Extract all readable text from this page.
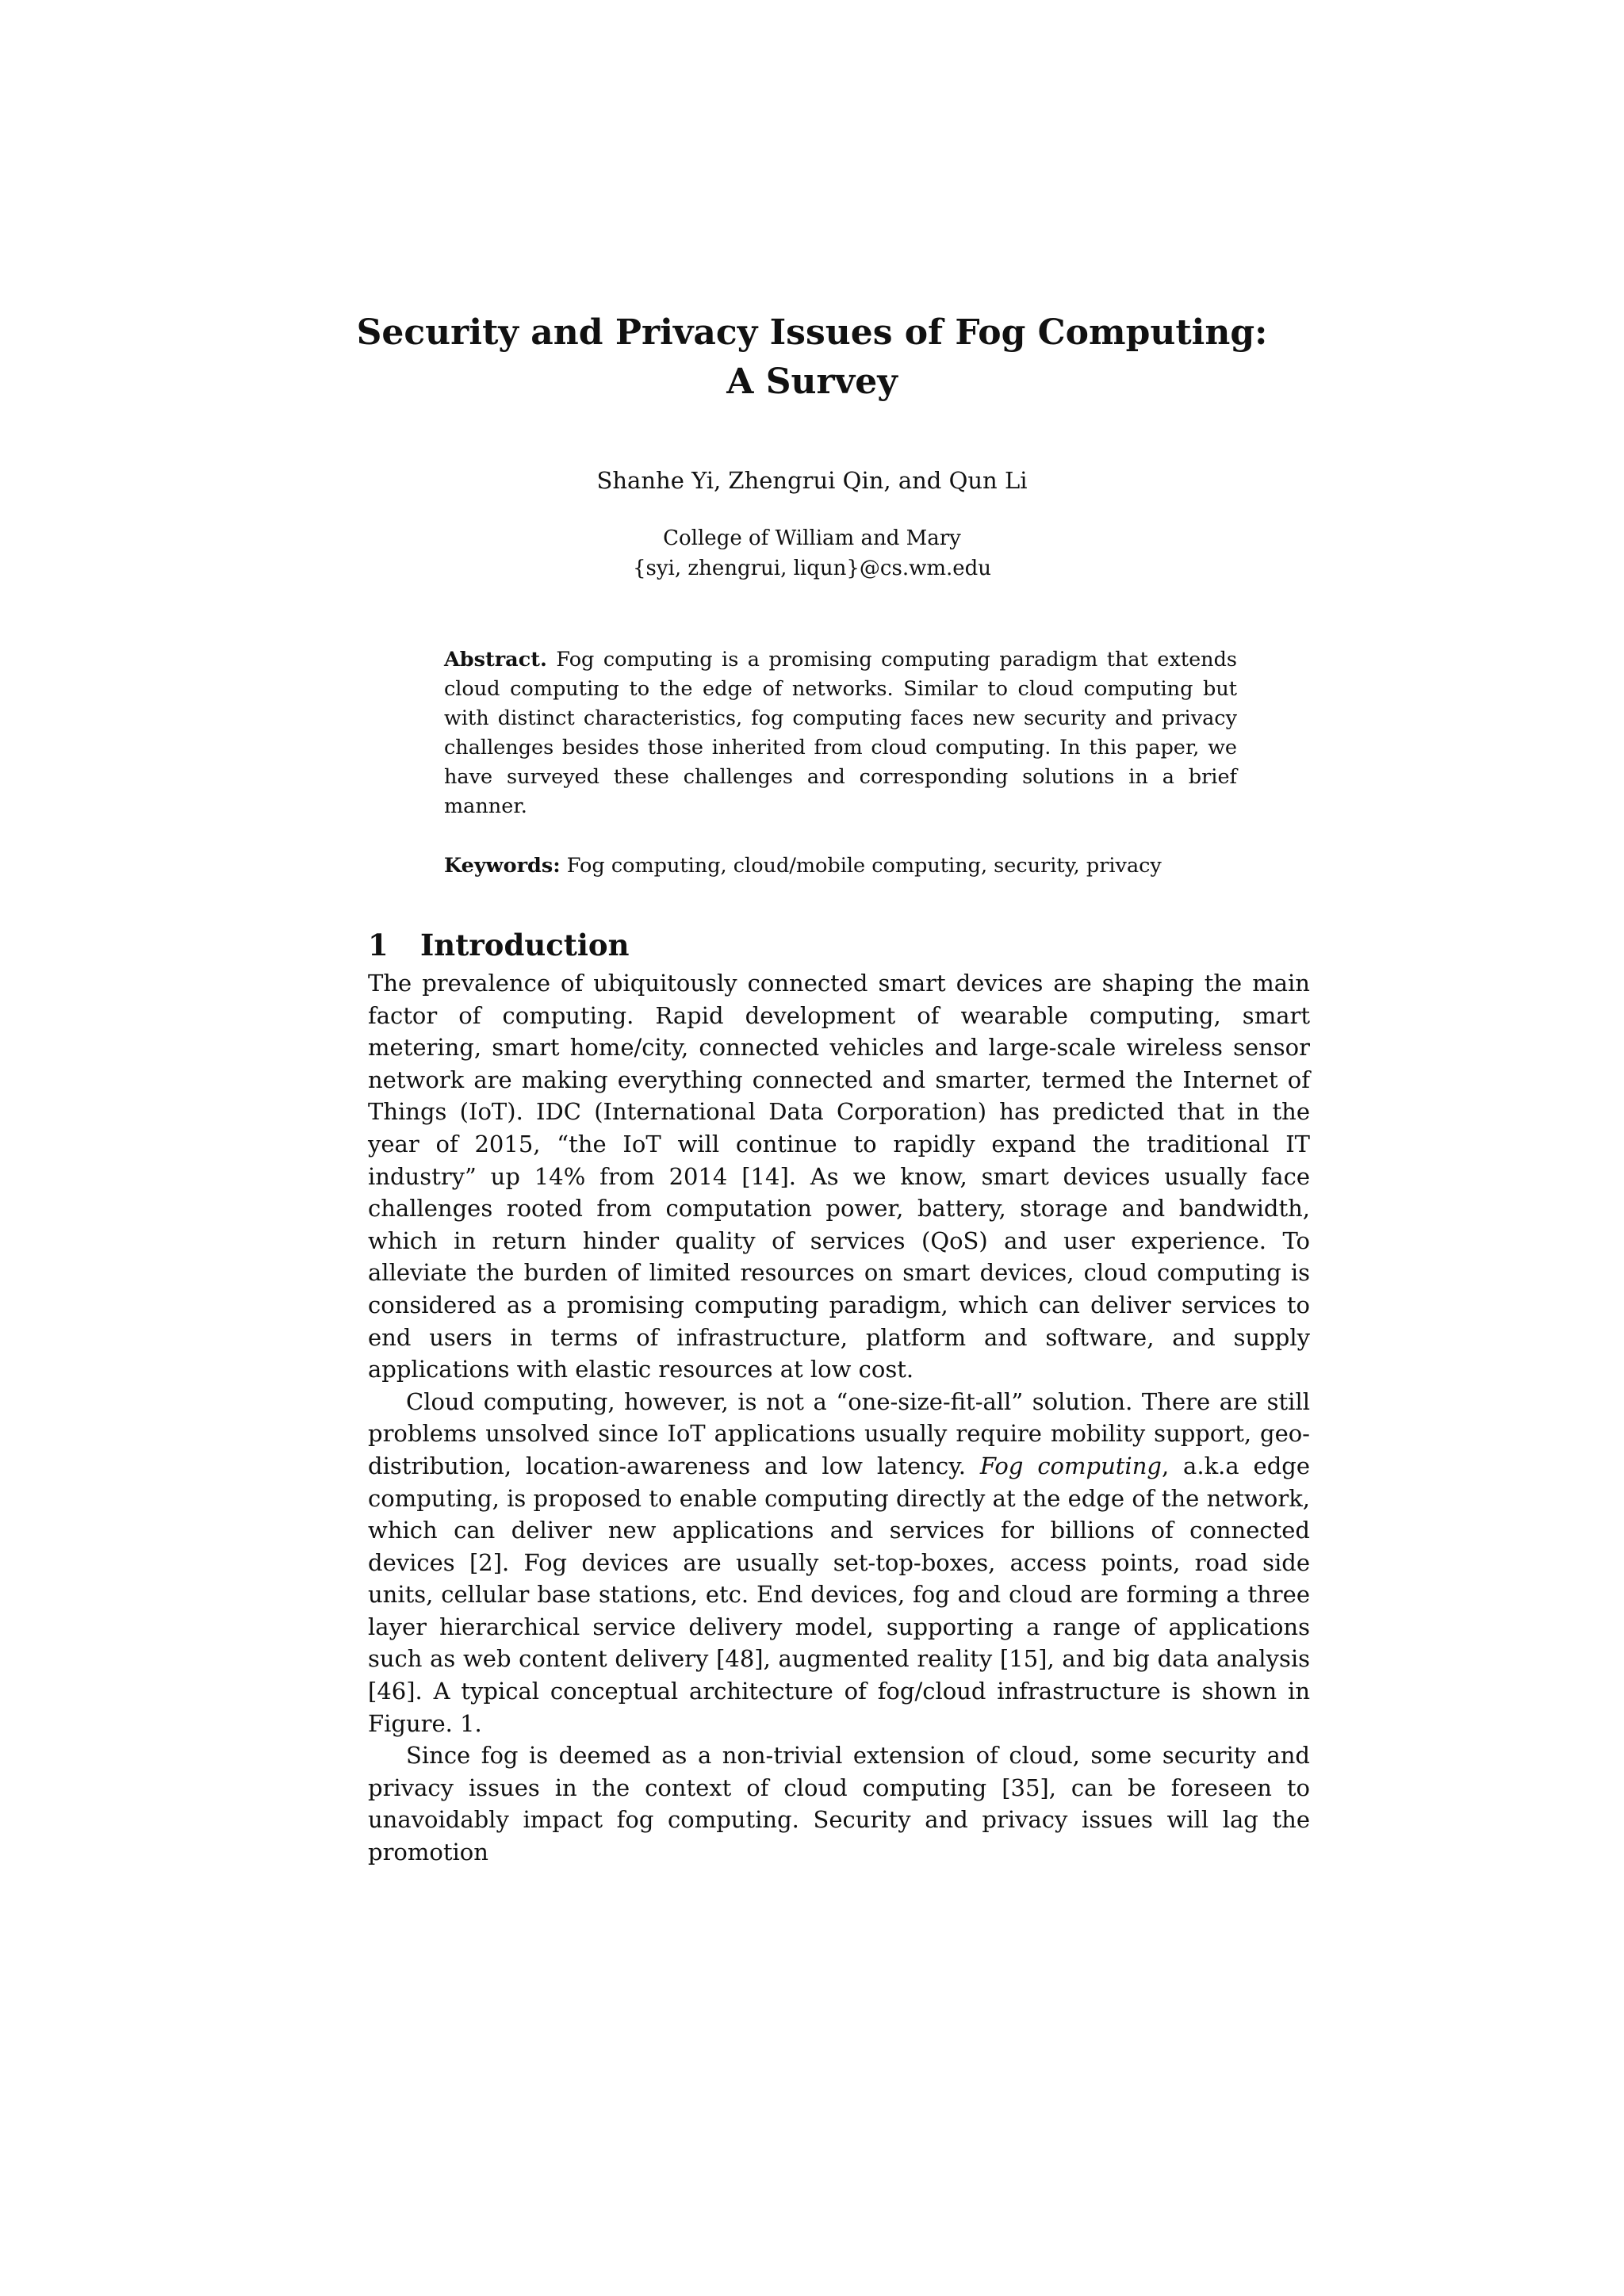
Security and Privacy Issues of Fog Computing:
A Survey
Shanhe Yi, Zhengrui Qin, and Qun Li
College of William and Mary
{syi, zhengrui, liqun}@cs.wm.edu

Abstract. Fog computing is a promising computing paradigm that extends cloud computing to the edge of networks. Similar to cloud computing but with distinct characteristics, fog computing faces new security and privacy challenges besides those inherited from cloud computing. In this paper, we have surveyed these challenges and corresponding solutions in a brief manner.

Keywords: Fog computing, cloud/mobile computing, security, privacy
1 Introduction

The prevalence of ubiquitously connected smart devices are shaping the main factor of computing. Rapid development of wearable computing, smart metering, smart home/city, connected vehicles and large-scale wireless sensor network are making everything connected and smarter, termed the Internet of Things (IoT). IDC (International Data Corporation) has predicted that in the year of 2015, “the IoT will continue to rapidly expand the traditional IT industry” up 14% from 2014 [14]. As we know, smart devices usually face challenges rooted from computation power, battery, storage and bandwidth, which in return hinder quality of services (QoS) and user experience. To alleviate the burden of limited resources on smart devices, cloud computing is considered as a promising computing paradigm, which can deliver services to end users in terms of infrastructure, platform and software, and supply applications with elastic resources at low cost.

Cloud computing, however, is not a “one-size-fit-all” solution. There are still problems unsolved since IoT applications usually require mobility support, geo-distribution, location-awareness and low latency. Fog computing, a.k.a edge computing, is proposed to enable computing directly at the edge of the network, which can deliver new applications and services for billions of connected devices [2]. Fog devices are usually set-top-boxes, access points, road side units, cellular base stations, etc. End devices, fog and cloud are forming a three layer hierarchical service delivery model, supporting a range of applications such as web content delivery [48], augmented reality [15], and big data analysis [46]. A typical conceptual architecture of fog/cloud infrastructure is shown in Figure. 1.

Since fog is deemed as a non-trivial extension of cloud, some security and privacy issues in the context of cloud computing [35], can be foreseen to unavoidably impact fog computing. Security and privacy issues will lag the promotion
